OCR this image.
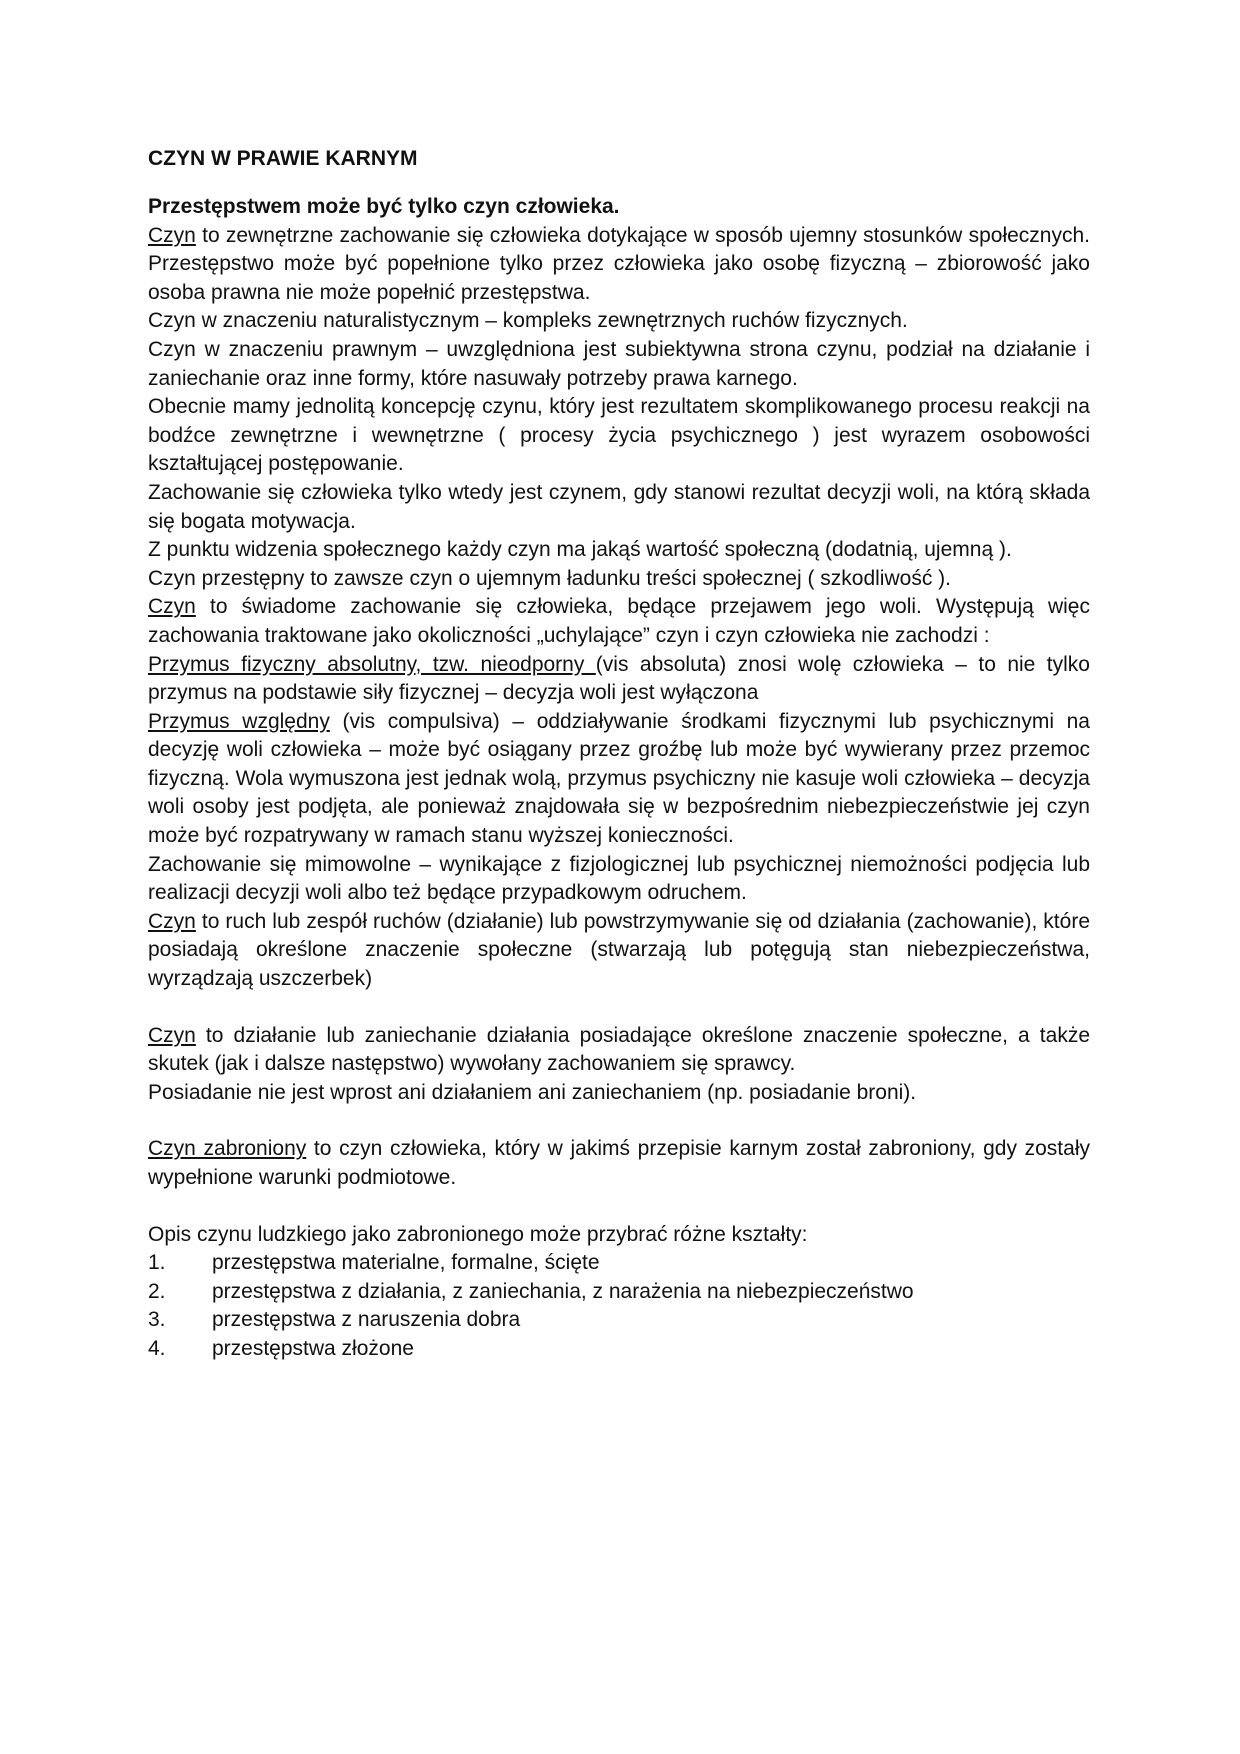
CZYN W PRAWIE KARNYM

Przestępstwem może być tylko czyn człowieka.

Czyn to zewnętrzne zachowanie się człowieka dotykające w sposób ujemny stosunków społecznych. Przestępstwo może być popełnione tylko przez człowieka jako osobę fizyczną – zbiorowość jako osoba prawna nie może popełnić przestępstwa.

Czyn w znaczeniu naturalistycznym – kompleks zewnętrznych ruchów fizycznych.

Czyn w znaczeniu prawnym – uwzględniona jest subiektywna strona czynu, podział na działanie i zaniechanie oraz inne formy, które nasuwały potrzeby prawa karnego.

Obecnie mamy jednolitą koncepcję czynu, który jest rezultatem skomplikowanego procesu reakcji na bodźce zewnętrzne i wewnętrzne ( procesy życia psychicznego ) jest wyrazem osobowości kształtującej postępowanie.

Zachowanie się człowieka tylko wtedy jest czynem, gdy stanowi rezultat decyzji woli, na którą składa się bogata motywacja.

Z punktu widzenia społecznego każdy czyn ma jakąś wartość społeczną (dodatnią, ujemną ).

Czyn przestępny to zawsze czyn o ujemnym ładunku treści społecznej ( szkodliwość ).

Czyn to świadome zachowanie się człowieka, będące przejawem jego woli. Występują więc zachowania traktowane jako okoliczności „uchylające” czyn i czyn człowieka nie zachodzi :

Przymus fizyczny absolutny, tzw. nieodporny (vis absoluta) znosi wolę człowieka – to nie tylko przymus na podstawie siły fizycznej – decyzja woli jest wyłączona

Przymus względny (vis compulsiva) – oddziaływanie środkami fizycznymi lub psychicznymi na decyzję woli człowieka – może być osiągany przez groźbę lub może być wywierany przez przemoc fizyczną. Wola wymuszona jest jednak wolą, przymus psychiczny nie kasuje woli człowieka – decyzja woli osoby jest podjęta, ale ponieważ znajdowała się w bezpośrednim niebezpieczeństwie jej czyn może być rozpatrywany w ramach stanu wyższej konieczności.

Zachowanie się mimowolne – wynikające z fizjologicznej lub psychicznej niemożności podjęcia lub realizacji decyzji woli albo też będące przypadkowym odruchem.

Czyn to ruch lub zespół ruchów (działanie) lub powstrzymywanie się od działania (zachowanie), które posiadają określone znaczenie społeczne (stwarzają lub potęgują stan niebezpieczeństwa, wyrządzają uszczerbek)

Czyn to działanie lub zaniechanie działania posiadające określone znaczenie społeczne, a także skutek (jak i dalsze następstwo) wywołany zachowaniem się sprawcy.

Posiadanie nie jest wprost ani działaniem ani zaniechaniem (np. posiadanie broni).

Czyn zabroniony to czyn człowieka, który w jakimś przepisie karnym został zabroniony, gdy zostały wypełnione warunki podmiotowe.

Opis czynu ludzkiego jako zabronionego może przybrać różne kształty:

1.	przestępstwa materialne, formalne, ścięte
2.	przestępstwa z działania, z zaniechania, z narażenia na niebezpieczeństwo
3.	przestępstwa z naruszenia dobra
4.	przestępstwa złożone
